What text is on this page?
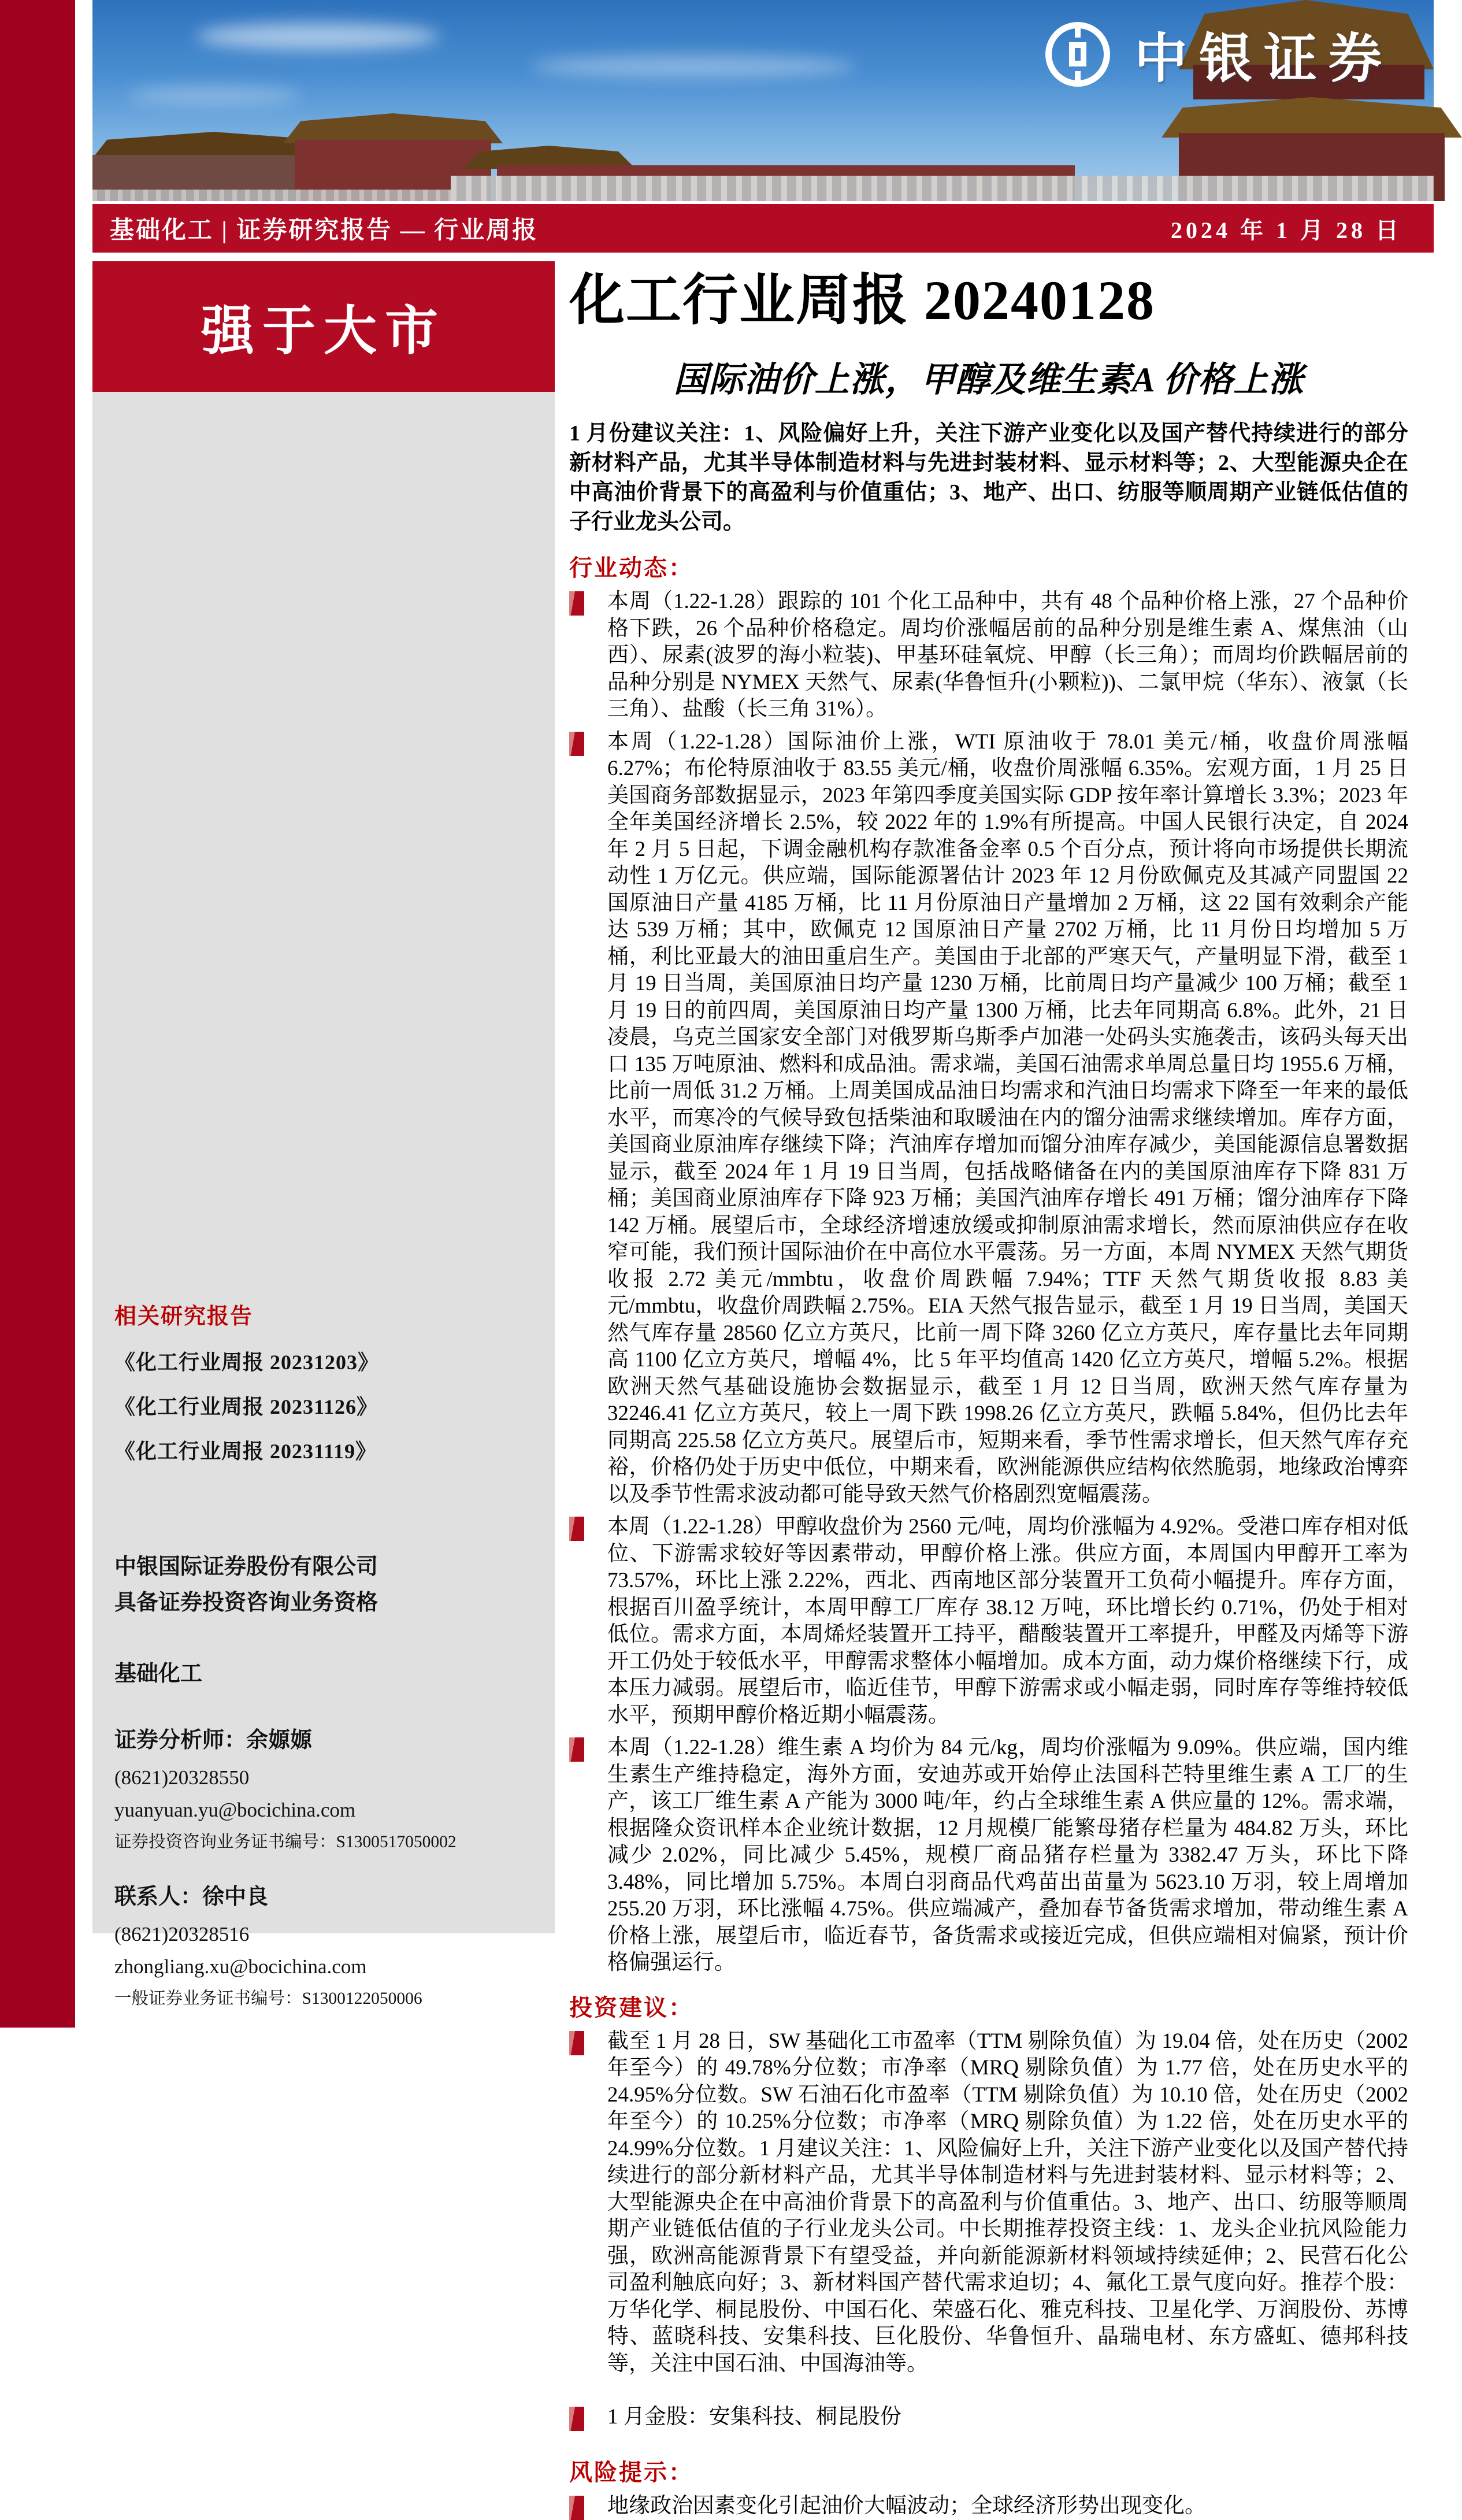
中银证券
基础化工 | 证券研究报告 — 行业周报	2024 年 1 月 28 日
强于大市
相关研究报告
《化工行业周报 20231203》
《化工行业周报 20231126》
《化工行业周报 20231119》
中银国际证券股份有限公司
具备证券投资咨询业务资格
基础化工
证券分析师：余嫄嫄
(8621)20328550
yuanyuan.yu@bocichina.com
证券投资咨询业务证书编号：S1300517050002
联系人：徐中良
(8621)20328516
zhongliang.xu@bocichina.com
一般证券业务证书编号：S1300122050006
化工行业周报 20240128
国际油价上涨，甲醇及维生素A 价格上涨

1 月份建议关注：1、风险偏好上升，关注下游产业变化以及国产替代持续进行的部分新材料产品，尤其半导体制造材料与先进封装材料、显示材料等；2、大型能源央企在中高油价背景下的高盈利与价值重估；3、地产、出口、纺服等顺周期产业链低估值的子行业龙头公司。

行业动态：

本周（1.22-1.28）跟踪的 101 个化工品种中，共有 48 个品种价格上涨，27 个品种价格下跌，26 个品种价格稳定。周均价涨幅居前的品种分别是维生素 A、煤焦油（山西）、尿素(波罗的海小粒装)、甲基环硅氧烷、甲醇（长三角）；而周均价跌幅居前的品种分别是 NYMEX 天然气、尿素(华鲁恒升(小颗粒))、二氯甲烷（华东）、液氯（长三角）、盐酸（长三角 31%）。

本周（1.22-1.28）国际油价上涨，WTI 原油收于 78.01 美元/桶，收盘价周涨幅 6.27%；布伦特原油收于 83.55 美元/桶，收盘价周涨幅 6.35%。宏观方面，1 月 25 日美国商务部数据显示，2023 年第四季度美国实际 GDP 按年率计算增长 3.3%；2023 年全年美国经济增长 2.5%，较 2022 年的 1.9%有所提高。中国人民银行决定，自 2024 年 2 月 5 日起，下调金融机构存款准备金率 0.5 个百分点，预计将向市场提供长期流动性 1 万亿元。供应端，国际能源署估计 2023 年 12 月份欧佩克及其减产同盟国 22 国原油日产量 4185 万桶，比 11 月份原油日产量增加 2 万桶，这 22 国有效剩余产能达 539 万桶；其中，欧佩克 12 国原油日产量 2702 万桶，比 11 月份日均增加 5 万桶，利比亚最大的油田重启生产。美国由于北部的严寒天气，产量明显下滑，截至 1 月 19 日当周，美国原油日均产量 1230 万桶，比前周日均产量减少 100 万桶；截至 1 月 19 日的前四周，美国原油日均产量 1300 万桶，比去年同期高 6.8%。此外，21 日凌晨，乌克兰国家安全部门对俄罗斯乌斯季卢加港一处码头实施袭击，该码头每天出口 135 万吨原油、燃料和成品油。需求端，美国石油需求单周总量日均 1955.6 万桶，比前一周低 31.2 万桶。上周美国成品油日均需求和汽油日均需求下降至一年来的最低水平，而寒冷的气候导致包括柴油和取暖油在内的馏分油需求继续增加。库存方面，美国商业原油库存继续下降；汽油库存增加而馏分油库存减少，美国能源信息署数据显示，截至 2024 年 1 月 19 日当周，包括战略储备在内的美国原油库存下降 831 万桶；美国商业原油库存下降 923 万桶；美国汽油库存增长 491 万桶；馏分油库存下降 142 万桶。展望后市，全球经济增速放缓或抑制原油需求增长，然而原油供应存在收窄可能，我们预计国际油价在中高位水平震荡。另一方面，本周 NYMEX 天然气期货收报 2.72 美元/mmbtu，收盘价周跌幅 7.94%；TTF 天然气期货收报 8.83 美元/mmbtu，收盘价周跌幅 2.75%。EIA 天然气报告显示，截至 1 月 19 日当周，美国天然气库存量 28560 亿立方英尺，比前一周下降 3260 亿立方英尺，库存量比去年同期高 1100 亿立方英尺，增幅 4%，比 5 年平均值高 1420 亿立方英尺，增幅 5.2%。根据欧洲天然气基础设施协会数据显示，截至 1 月 12 日当周，欧洲天然气库存量为 32246.41 亿立方英尺，较上一周下跌 1998.26 亿立方英尺，跌幅 5.84%，但仍比去年同期高 225.58 亿立方英尺。展望后市，短期来看，季节性需求增长，但天然气库存充裕，价格仍处于历史中低位，中期来看，欧洲能源供应结构依然脆弱，地缘政治博弈以及季节性需求波动都可能导致天然气价格剧烈宽幅震荡。

本周（1.22-1.28）甲醇收盘价为 2560 元/吨，周均价涨幅为 4.92%。受港口库存相对低位、下游需求较好等因素带动，甲醇价格上涨。供应方面，本周国内甲醇开工率为 73.57%，环比上涨 2.22%，西北、西南地区部分装置开工负荷小幅提升。库存方面，根据百川盈孚统计，本周甲醇工厂库存 38.12 万吨，环比增长约 0.71%，仍处于相对低位。需求方面，本周烯烃装置开工持平，醋酸装置开工率提升，甲醛及丙烯等下游开工仍处于较低水平，甲醇需求整体小幅增加。成本方面，动力煤价格继续下行，成本压力减弱。展望后市，临近佳节，甲醇下游需求或小幅走弱，同时库存等维持较低水平，预期甲醇价格近期小幅震荡。

本周（1.22-1.28）维生素 A 均价为 84 元/kg，周均价涨幅为 9.09%。供应端，国内维生素生产维持稳定，海外方面，安迪苏或开始停止法国科芒特里维生素 A 工厂的生产，该工厂维生素 A 产能为 3000 吨/年，约占全球维生素 A 供应量的 12%。需求端，根据隆众资讯样本企业统计数据，12 月规模厂能繁母猪存栏量为 484.82 万头，环比减少 2.02%，同比减少 5.45%，规模厂商品猪存栏量为 3382.47 万头，环比下降 3.48%，同比增加 5.75%。本周白羽商品代鸡苗出苗量为 5623.10 万羽，较上周增加 255.20 万羽，环比涨幅 4.75%。供应端减产，叠加春节备货需求增加，带动维生素 A 价格上涨，展望后市，临近春节，备货需求或接近完成，但供应端相对偏紧，预计价格偏强运行。

投资建议：

截至 1 月 28 日，SW 基础化工市盈率（TTM 剔除负值）为 19.04 倍，处在历史（2002 年至今）的 49.78%分位数；市净率（MRQ 剔除负值）为 1.77 倍，处在历史水平的 24.95%分位数。SW 石油石化市盈率（TTM 剔除负值）为 10.10 倍，处在历史（2002 年至今）的 10.25%分位数；市净率（MRQ 剔除负值）为 1.22 倍，处在历史水平的 24.99%分位数。1 月建议关注：1、风险偏好上升，关注下游产业变化以及国产替代持续进行的部分新材料产品，尤其半导体制造材料与先进封装材料、显示材料等；2、大型能源央企在中高油价背景下的高盈利与价值重估。3、地产、出口、纺服等顺周期产业链低估值的子行业龙头公司。中长期推荐投资主线：1、龙头企业抗风险能力强，欧洲高能源背景下有望受益，并向新能源新材料领域持续延伸；2、民营石化公司盈利触底向好；3、新材料国产替代需求迫切；4、氟化工景气度向好。推荐个股：万华化学、桐昆股份、中国石化、荣盛石化、雅克科技、卫星化学、万润股份、苏博特、蓝晓科技、安集科技、巨化股份、华鲁恒升、晶瑞电材、东方盛虹、德邦科技等，关注中国石油、中国海油等。

1 月金股：安集科技、桐昆股份

风险提示：

地缘政治因素变化引起油价大幅波动；全球经济形势出现变化。
